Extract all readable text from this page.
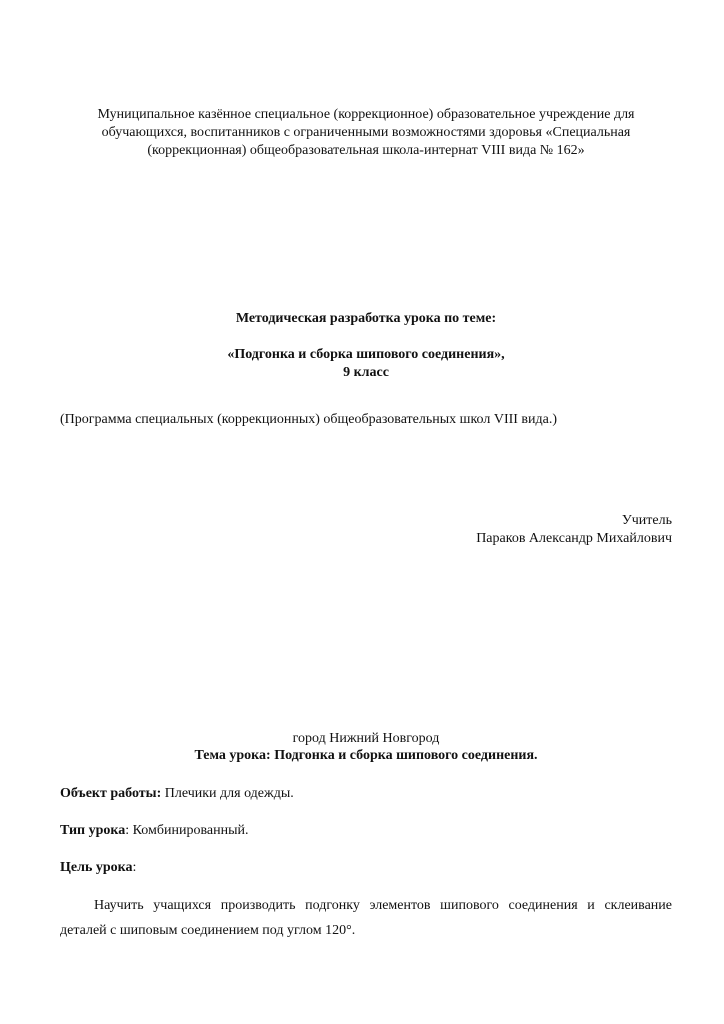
Муниципальное казённое специальное (коррекционное) образовательное учреждение для
обучающихся, воспитанников с ограниченными возможностями здоровья «Специальная
(коррекционная) общеобразовательная школа-интернат VIII вида № 162»
Методическая разработка урока по теме:
«Подгонка и сборка шипового соединения»,
9 класс
(Программа специальных (коррекционных) общеобразовательных школ VIII вида.)
Учитель
Параков Александр Михайлович
город Нижний Новгород
Тема урока: Подгонка и сборка шипового соединения.
Объект работы: Плечики для одежды.
Тип урока: Комбинированный.
Цель урока:
Научить учащихся производить подгонку элементов шипового соединения и склеивание
деталей с шиповым соединением под углом 120°.
